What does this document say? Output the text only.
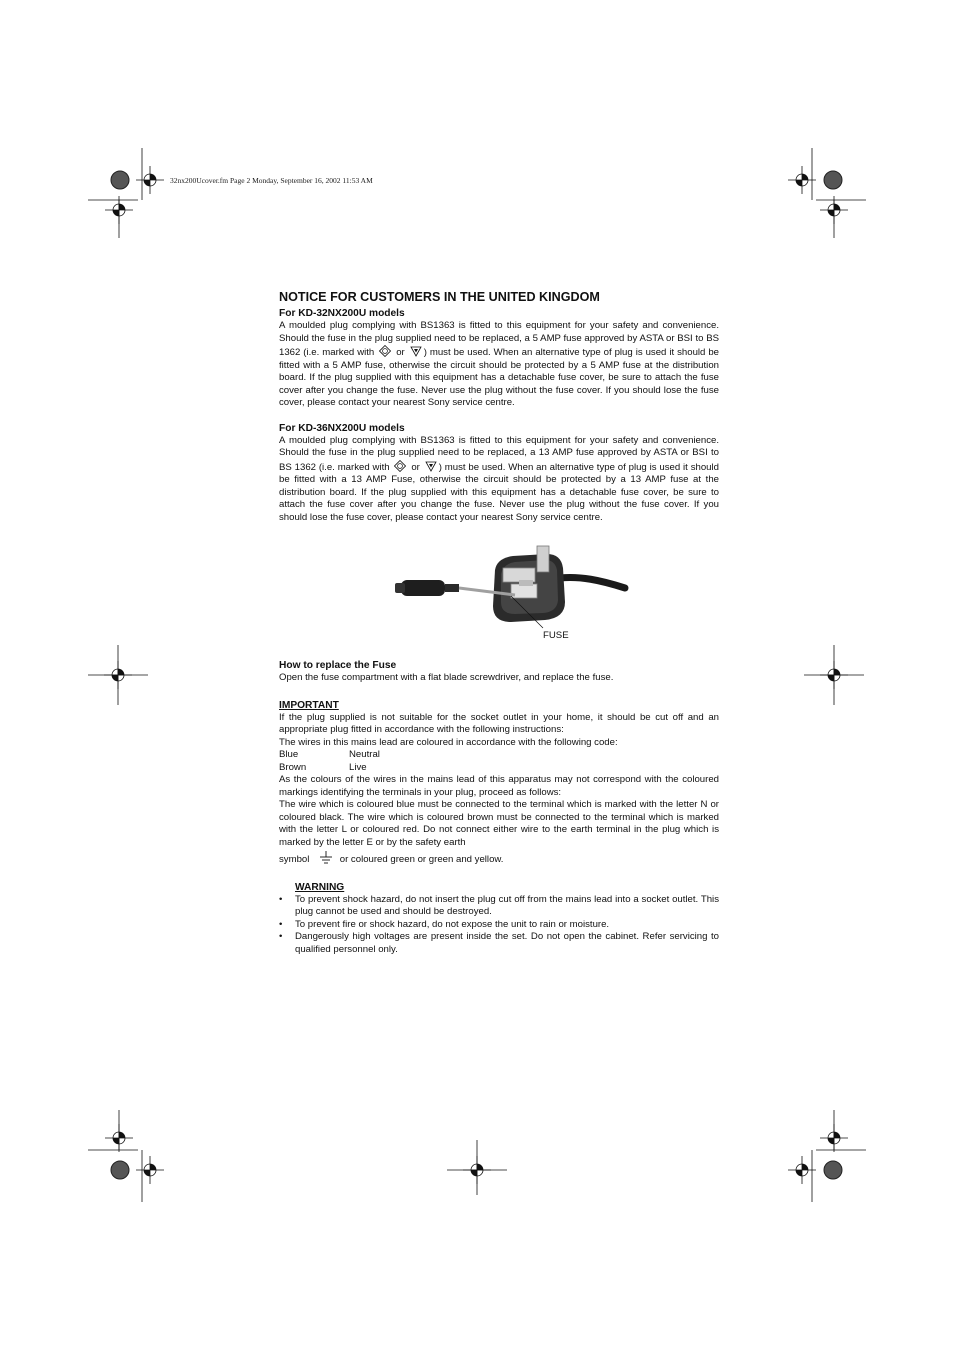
32nx200Ucover.fm Page 2 Monday, September 16, 2002 11:53 AM
NOTICE FOR CUSTOMERS IN THE UNITED KINGDOM
For KD-32NX200U models

A moulded plug complying with BS1363 is fitted to this equipment for your safety and convenience. Should the fuse in the plug supplied need to be replaced, a 5 AMP fuse approved by ASTA or BSI to BS 1362 (i.e. marked with or ) must be used. When an alternative type of plug is used it should be fitted with a 5 AMP fuse, otherwise the circuit should be protected by a 5 AMP fuse at the distribution board. If the plug supplied with this equipment has a detachable fuse cover, be sure to attach the fuse cover after you change the fuse. Never use the plug without the fuse cover. If you should lose the fuse cover, please contact your nearest Sony service centre.

For KD-36NX200U models

A moulded plug complying with BS1363 is fitted to this equipment for your safety and convenience. Should the fuse in the plug supplied need to be replaced, a 13 AMP fuse approved by ASTA or BSI to BS 1362 (i.e. marked with or ) must be used. When an alternative type of plug is used it should be fitted with a 13 AMP Fuse, otherwise the circuit should be protected by a 13 AMP fuse at the distribution board. If the plug supplied with this equipment has a detachable fuse cover, be sure to attach the fuse cover after you change the fuse. Never use the plug without the fuse cover. If you should lose the fuse cover, please contact your nearest Sony service centre.

How to replace the Fuse

Open the fuse compartment with a flat blade screwdriver, and replace the fuse.

IMPORTANT

If the plug supplied is not suitable for the socket outlet in your home, it should be cut off and an appropriate plug fitted in accordance with the following instructions:

The wires in this mains lead are coloured in accordance with the following code:

Blue	Neutral
Brown	Live

As the colours of the wires in the mains lead of this apparatus may not correspond with the coloured markings identifying the terminals in your plug, proceed as follows:

The wire which is coloured blue must be connected to the terminal which is marked with the letter N or coloured black. The wire which is coloured brown must be connected to the terminal which is marked with the letter L or coloured red. Do not connect either wire to the earth terminal in the plug which is marked by the letter E or by the safety earth

symbol	or coloured green or green and yellow.

WARNING
• To prevent shock hazard, do not insert the plug cut off from the mains lead into a socket outlet. This plug cannot be used and should be destroyed.
• To prevent fire or shock hazard, do not expose the unit to rain or moisture.
• Dangerously high voltages are present inside the set. Do not open the cabinet. Refer servicing to qualified personnel only.
FUSE
